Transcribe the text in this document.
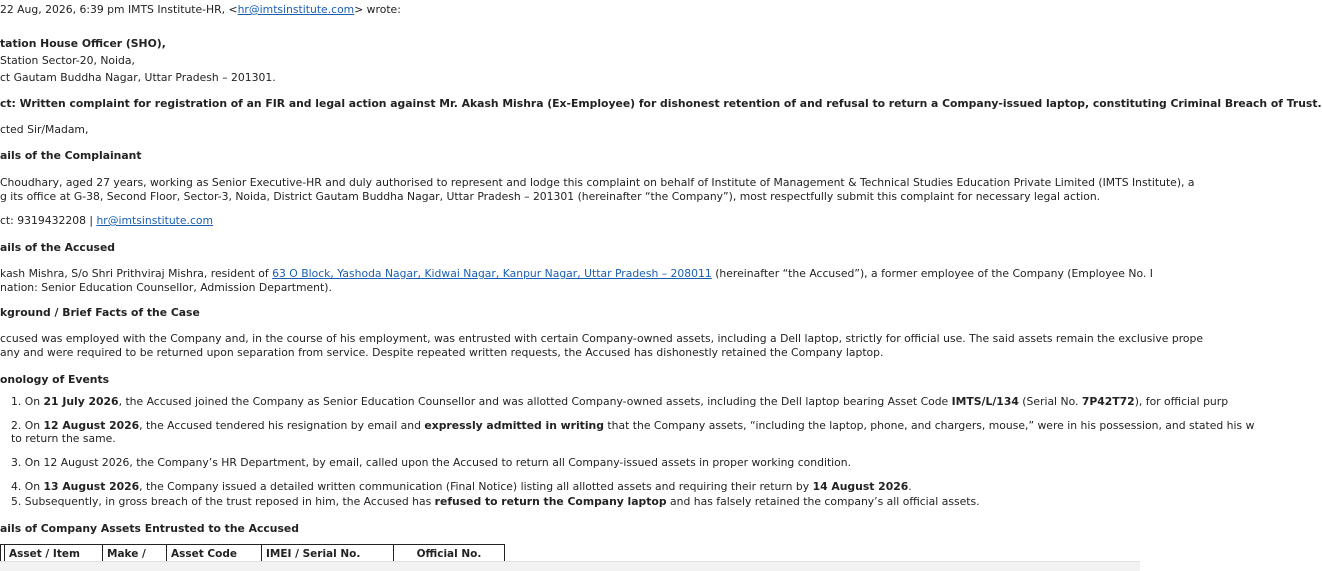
22 Aug, 2026, 6:39 pm IMTS Institute-HR, <hr@imtsinstitute.com> wrote:
tation House Officer (SHO),
Station Sector-20, Noida,
ct Gautam Buddha Nagar, Uttar Pradesh – 201301.
ct: Written complaint for registration of an FIR and legal action against Mr. Akash Mishra (Ex-Employee) for dishonest retention of and refusal to return a Company-issued laptop, constituting Criminal Breach of Trust.
cted Sir/Madam,
ails of the Complainant
Choudhary, aged 27 years, working as Senior Executive-HR and duly authorised to represent and lodge this complaint on behalf of Institute of Management & Technical Studies Education Private Limited (IMTS Institute), a
g its office at G-38, Second Floor, Sector-3, Noida, District Gautam Buddha Nagar, Uttar Pradesh – 201301 (hereinafter “the Company”), most respectfully submit this complaint for necessary legal action.
ct: 9319432208 | hr@imtsinstitute.com
ails of the Accused
kash Mishra, S/o Shri Prithviraj Mishra, resident of 63 O Block, Yashoda Nagar, Kidwai Nagar, Kanpur Nagar, Uttar Pradesh – 208011 (hereinafter “the Accused”), a former employee of the Company (Employee No. I
nation: Senior Education Counsellor, Admission Department).
kground / Brief Facts of the Case
ccused was employed with the Company and, in the course of his employment, was entrusted with certain Company-owned assets, including a Dell laptop, strictly for official use. The said assets remain the exclusive prope
any and were required to be returned upon separation from service. Despite repeated written requests, the Accused has dishonestly retained the Company laptop.
onology of Events
1. On 21 July 2026, the Accused joined the Company as Senior Education Counsellor and was allotted Company-owned assets, including the Dell laptop bearing Asset Code IMTS/L/134 (Serial No. 7P42T72), for official purp
2. On 12 August 2026, the Accused tendered his resignation by email and expressly admitted in writing that the Company assets, “including the laptop, phone, and chargers, mouse,” were in his possession, and stated his w
to return the same.
3. On 12 August 2026, the Company’s HR Department, by email, called upon the Accused to return all Company-issued assets in proper working condition.
4. On 13 August 2026, the Company issued a detailed written communication (Final Notice) listing all allotted assets and requiring their return by 14 August 2026.
5. Subsequently, in gross breach of the trust reposed in him, the Accused has refused to return the Company laptop and has falsely retained the company’s all official assets.
ails of Company Assets Entrusted to the Accused
	Asset / Item	Make /	Asset Code	IMEI / Serial No.	Official No.
